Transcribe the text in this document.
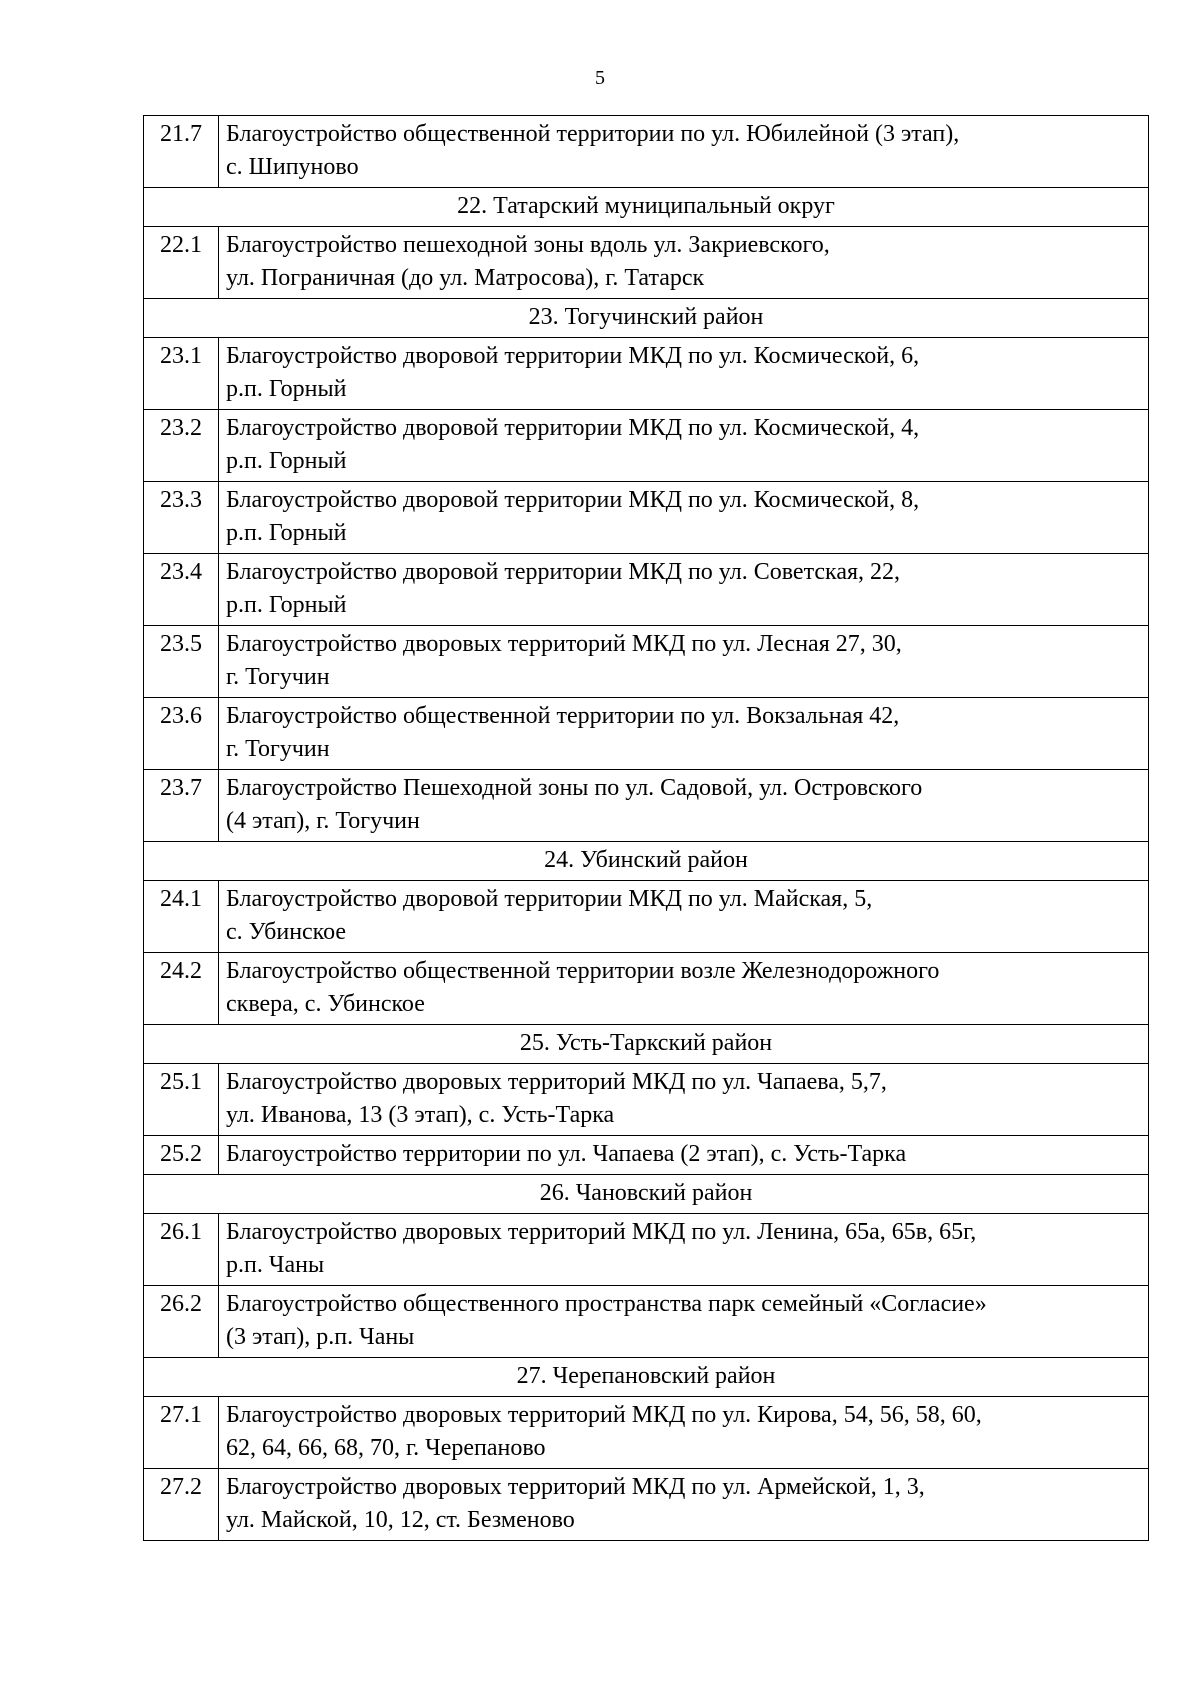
5
21.7	Благоустройство общественной территории по ул. Юбилейной (3 этап),
с. Шипуново

22. Татарский муниципальный округ	
22.1	Благоустройство пешеходной зоны вдоль ул. Закриевского,
ул. Пограничная (до ул. Матросова), г. Татарск

23. Тогучинский район	
23.1	Благоустройство дворовой территории МКД по ул. Космической, 6,
р.п. Горный

23.2	Благоустройство дворовой территории МКД по ул. Космической, 4,
р.п. Горный

23.3	Благоустройство дворовой территории МКД по ул. Космической, 8,
р.п. Горный

23.4	Благоустройство дворовой территории МКД по ул. Советская, 22,
р.п. Горный

23.5	Благоустройство дворовых территорий МКД по ул. Лесная 27, 30,
г. Тогучин

23.6	Благоустройство общественной территории по ул. Вокзальная 42,
г. Тогучин

23.7	Благоустройство Пешеходной зоны по ул. Садовой, ул. Островского
(4 этап), г. Тогучин

24. Убинский район	
24.1	Благоустройство дворовой территории МКД по ул. Майская, 5,
с. Убинское

24.2	Благоустройство общественной территории возле Железнодорожного
сквера, с. Убинское

25. Усть-Таркский район	
25.1	Благоустройство дворовых территорий МКД по ул. Чапаева, 5,7,
ул. Иванова, 13 (3 этап), с. Усть-Тарка

25.2	Благоустройство территории по ул. Чапаева (2 этап), с. Усть-Тарка

26. Чановский район	
26.1	Благоустройство дворовых территорий МКД по ул. Ленина, 65а, 65в, 65г,
р.п. Чаны

26.2	Благоустройство общественного пространства парк семейный «Согласие»
(3 этап), р.п. Чаны

27. Черепановский район	
27.1	Благоустройство дворовых территорий МКД по ул. Кирова, 54, 56, 58, 60,
62, 64, 66, 68, 70, г. Черепаново

27.2	Благоустройство дворовых территорий МКД по ул. Армейской, 1, 3,
ул. Майской, 10, 12, ст. Безменово
